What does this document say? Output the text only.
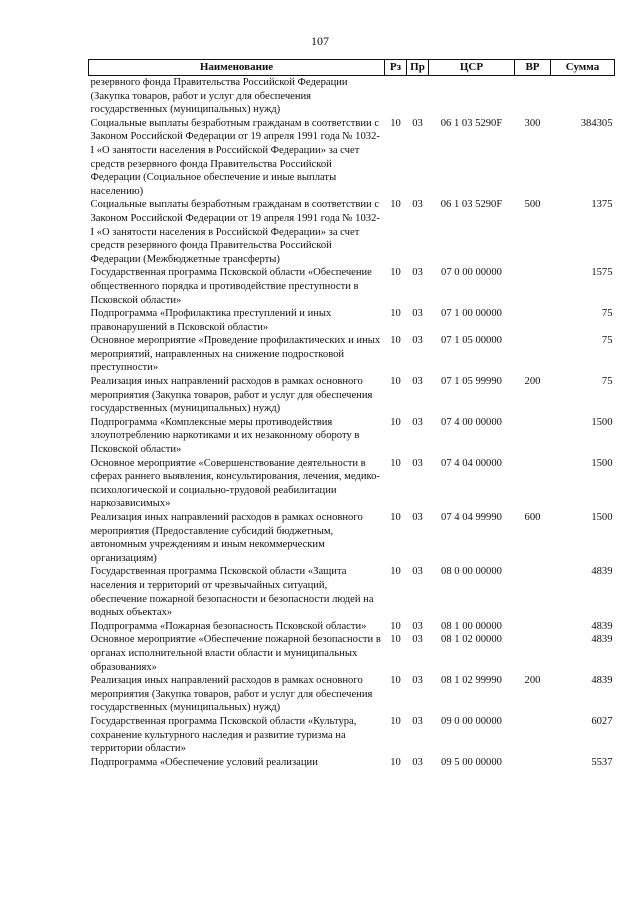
107
Наименование	Рз	Пр	ЦСР	ВР	Сумма
резервного фонда Правительства Российской Федерации (Закупка товаров, работ и услуг для обеспечения государственных (муниципальных) нужд)					
Социальные выплаты безработным гражданам в соответствии с Законом Российской Федерации от 19 апреля 1991 года № 1032-I «О занятости населения в Российской Федерации» за счет средств резервного фонда Правительства Российской Федерации (Социальное обеспечение и иные выплаты населению)	10	03	06 1 03 5290F	300	384305
Социальные выплаты безработным гражданам в соответствии с Законом Российской Федерации от 19 апреля 1991 года № 1032-I «О занятости населения в Российской Федерации» за счет средств резервного фонда Правительства Российской Федерации (Межбюджетные трансферты)	10	03	06 1 03 5290F	500	1375
Государственная программа Псковской области «Обеспечение общественного порядка и противодействие преступности в Псковской области»	10	03	07 0 00 00000		1575
Подпрограмма «Профилактика преступлений и иных правонарушений в Псковской области»	10	03	07 1 00 00000		75
Основное мероприятие «Проведение профилактических и иных мероприятий, направленных на снижение подростковой преступности»	10	03	07 1 05 00000		75
Реализация иных направлений расходов в рамках основного мероприятия (Закупка товаров, работ и услуг для обеспечения государственных (муниципальных) нужд)	10	03	07 1 05 99990	200	75
Подпрограмма «Комплексные меры противодействия злоупотреблению наркотиками и их незаконному обороту в Псковской области»	10	03	07 4 00 00000		1500
Основное мероприятие «Совершенствование деятельности в сферах раннего выявления, консультирования, лечения, медико-психологической и социально-трудовой реабилитации наркозависимых»	10	03	07 4 04 00000		1500
Реализация иных направлений расходов в рамках основного мероприятия (Предоставление субсидий бюджетным, автономным учреждениям и иным некоммерческим организациям)	10	03	07 4 04 99990	600	1500
Государственная программа Псковской области «Защита населения и территорий от чрезвычайных ситуаций, обеспечение пожарной безопасности и безопасности людей на водных объектах»	10	03	08 0 00 00000		4839
Подпрограмма «Пожарная безопасность Псковской области»	10	03	08 1 00 00000		4839
Основное мероприятие «Обеспечение пожарной безопасности в органах исполнительной власти области и муниципальных образованиях»	10	03	08 1 02 00000		4839
Реализация иных направлений расходов в рамках основного мероприятия (Закупка товаров, работ и услуг для обеспечения государственных (муниципальных) нужд)	10	03	08 1 02 99990	200	4839
Государственная программа Псковской области «Культура, сохранение культурного наследия и развитие туризма на территории области»	10	03	09 0 00 00000		6027
Подпрограмма «Обеспечение условий реализации	10	03	09 5 00 00000		5537
